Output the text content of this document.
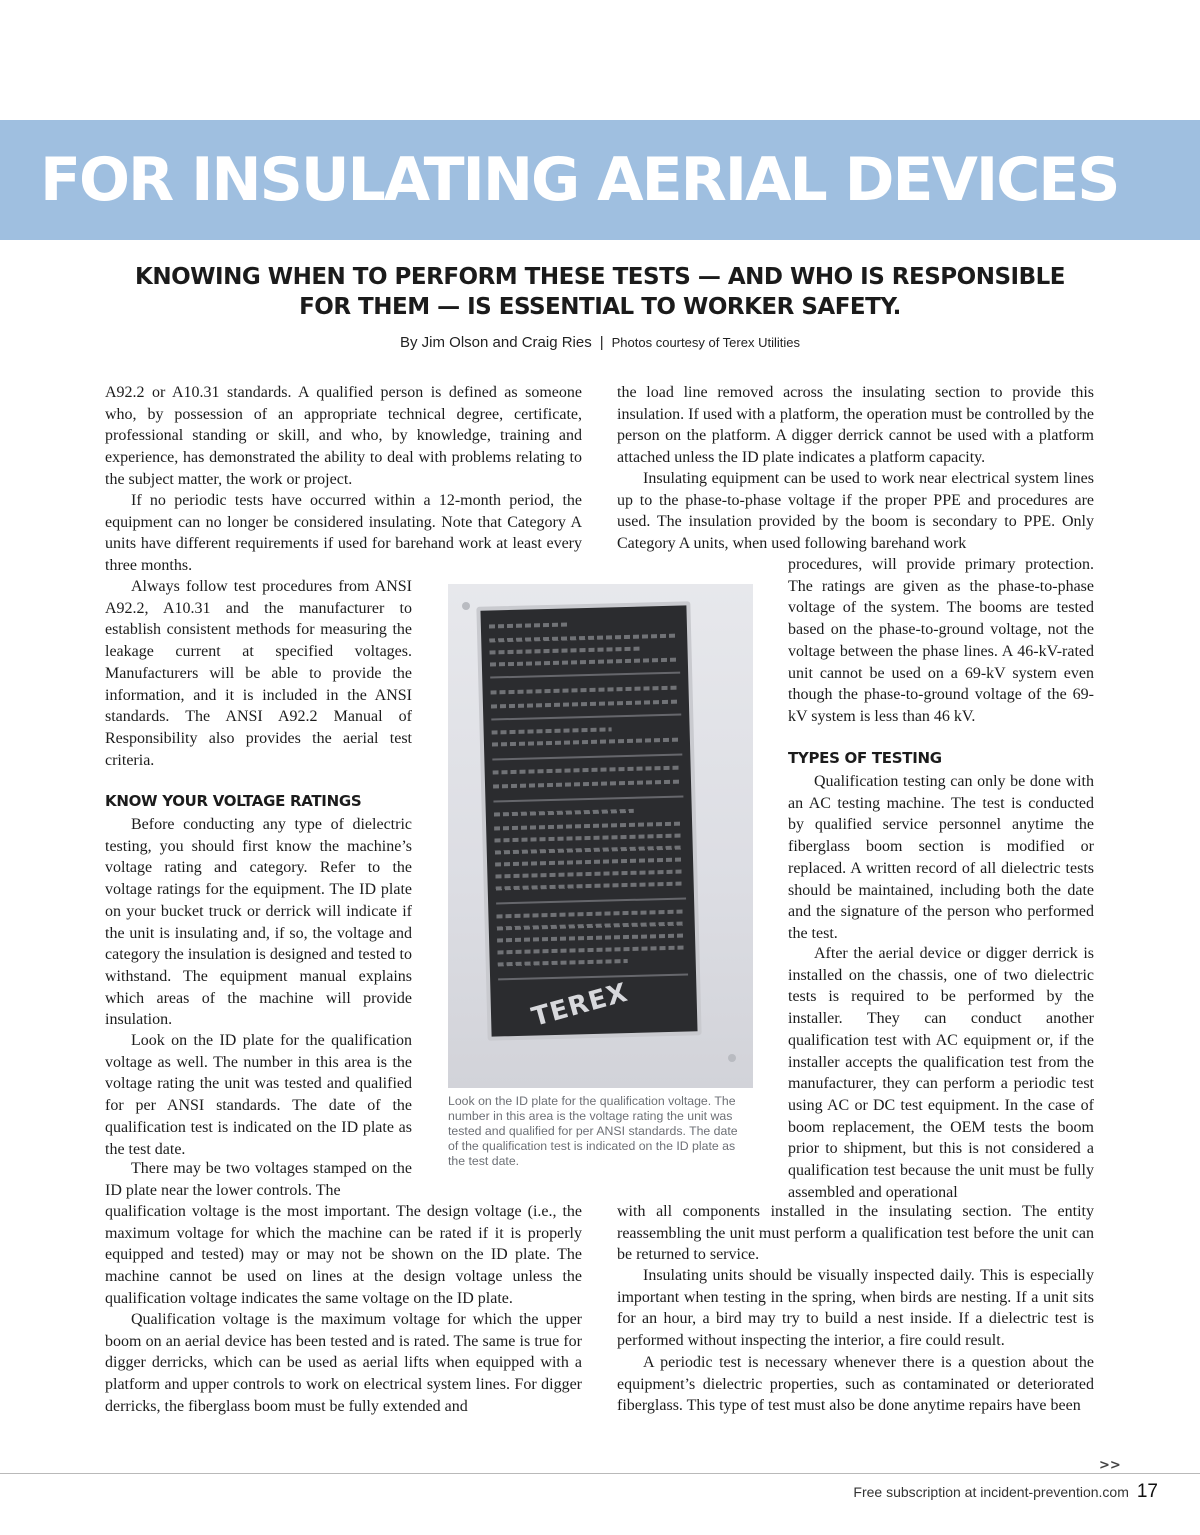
FOR INSULATING AERIAL DEVICES
KNOWING WHEN TO PERFORM THESE TESTS — AND WHO IS RESPONSIBLE
FOR THEM — IS ESSENTIAL TO WORKER SAFETY.
By Jim Olson and Craig Ries | Photos courtesy of Terex Utilities

A92.2 or A10.31 standards. A qualified person is defined as someone who, by possession of an appropriate technical degree, certificate, professional standing or skill, and who, by knowledge, training and experience, has demonstrated the ability to deal with problems relating to the subject matter, the work or project.

If no periodic tests have occurred within a 12-month period, the equipment can no longer be considered insulating. Note that Category A units have different requirements if used for barehand work at least every three months.

Always follow test procedures from ANSI A92.2, A10.31 and the manufacturer to establish consistent methods for measuring the leakage current at specified voltages. Manufacturers will be able to provide the information, and it is included in the ANSI standards. The ANSI A92.2 Manual of Responsibility also provides the aerial test criteria.

KNOW YOUR VOLTAGE RATINGS

Before conducting any type of dielectric testing, you should first know the machine’s voltage rating and category. Refer to the voltage ratings for the equipment. The ID plate on your bucket truck or derrick will indicate if the unit is insulating and, if so, the voltage and category the insulation is designed and tested to withstand. The equipment manual explains which areas of the machine will provide insulation.

Look on the ID plate for the qualification voltage as well. The number in this area is the voltage rating the unit was tested and qualified for per ANSI standards. The date of the qualification test is indicated on the ID plate as the test date.

There may be two voltages stamped on the ID plate near the lower controls. The

qualification voltage is the most important. The design voltage (i.e., the maximum voltage for which the machine can be rated if it is properly equipped and tested) may or may not be shown on the ID plate. The machine cannot be used on lines at the design voltage unless the qualification voltage indicates the same voltage on the ID plate.

Qualification voltage is the maximum voltage for which the upper boom on an aerial device has been tested and is rated. The same is true for digger derricks, which can be used as aerial lifts when equipped with a platform and upper controls to work on electrical system lines. For digger derricks, the fiberglass boom must be fully extended and

the load line removed across the insulating section to provide this insulation. If used with a platform, the operation must be controlled by the person on the platform. A digger derrick cannot be used with a platform attached unless the ID plate indicates a platform capacity.

Insulating equipment can be used to work near electrical system lines up to the phase-to-phase voltage if the proper PPE and procedures are used. The insulation provided by the boom is secondary to PPE. Only Category A units, when used following barehand work

procedures, will provide primary protection. The ratings are given as the phase-to-phase voltage of the system. The booms are tested based on the phase-to-ground voltage, not the voltage between the phase lines. A 46-kV-rated unit cannot be used on a 69-kV system even though the phase-to-ground voltage of the 69-kV system is less than 46 kV.

TYPES OF TESTING

Qualification testing can only be done with an AC testing machine. The test is conducted by qualified service personnel anytime the fiberglass boom section is modified or replaced. A written record of all dielectric tests should be maintained, including both the date and the signature of the person who performed the test.

After the aerial device or digger derrick is installed on the chassis, one of two dielectric tests is required to be performed by the installer. They can conduct another qualification test with AC equipment or, if the installer accepts the qualification test from the manufacturer, they can perform a periodic test using AC or DC test equipment. In the case of boom replacement, the OEM tests the boom prior to shipment, but this is not considered a qualification test because the unit must be fully assembled and operational

with all components installed in the insulating section. The entity reassembling the unit must perform a qualification test before the unit can be returned to service.

Insulating units should be visually inspected daily. This is especially important when testing in the spring, when birds are nesting. If a unit sits for an hour, a bird may try to build a nest inside. If a dielectric test is performed without inspecting the interior, a fire could result.

A periodic test is necessary whenever there is a question about the equipment’s dielectric properties, such as contaminated or deteriorated fiberglass. This type of test must also be done anytime repairs have been

TEREX
Look on the ID plate for the qualification voltage. The number in this area is the voltage rating the unit was tested and qualified for per ANSI standards. The date of the qualification test is indicated on the ID plate as the test date.
>>
Free subscription at incident-prevention.com 17
